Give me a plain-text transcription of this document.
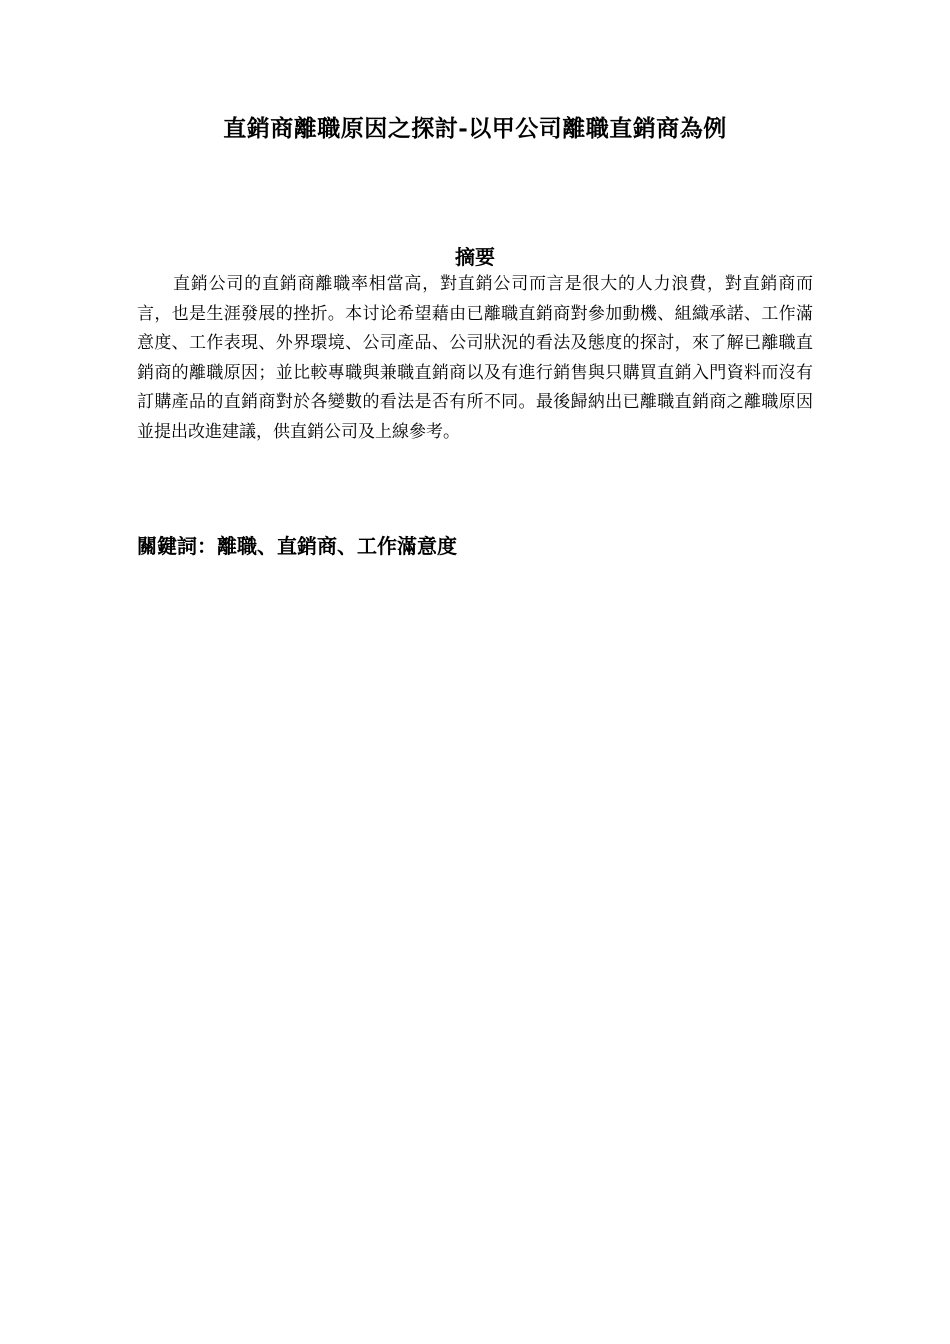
直銷商離職原因之探討-以甲公司離職直銷商為例
摘要

直銷公司的直銷商離職率相當高，對直銷公司而言是很大的人力浪費，對直銷商而言，也是生涯發展的挫折。本讨论希望藉由已離職直銷商對參加動機、組織承諾、工作滿意度、工作表現、外界環境、公司產品、公司狀況的看法及態度的探討，來了解已離職直銷商的離職原因；並比較專職與兼職直銷商以及有進行銷售與只購買直銷入門資料而沒有訂購產品的直銷商對於各變數的看法是否有所不同。最後歸納出已離職直銷商之離職原因並提出改進建議，供直銷公司及上線參考。

關鍵詞：離職、直銷商、工作滿意度
